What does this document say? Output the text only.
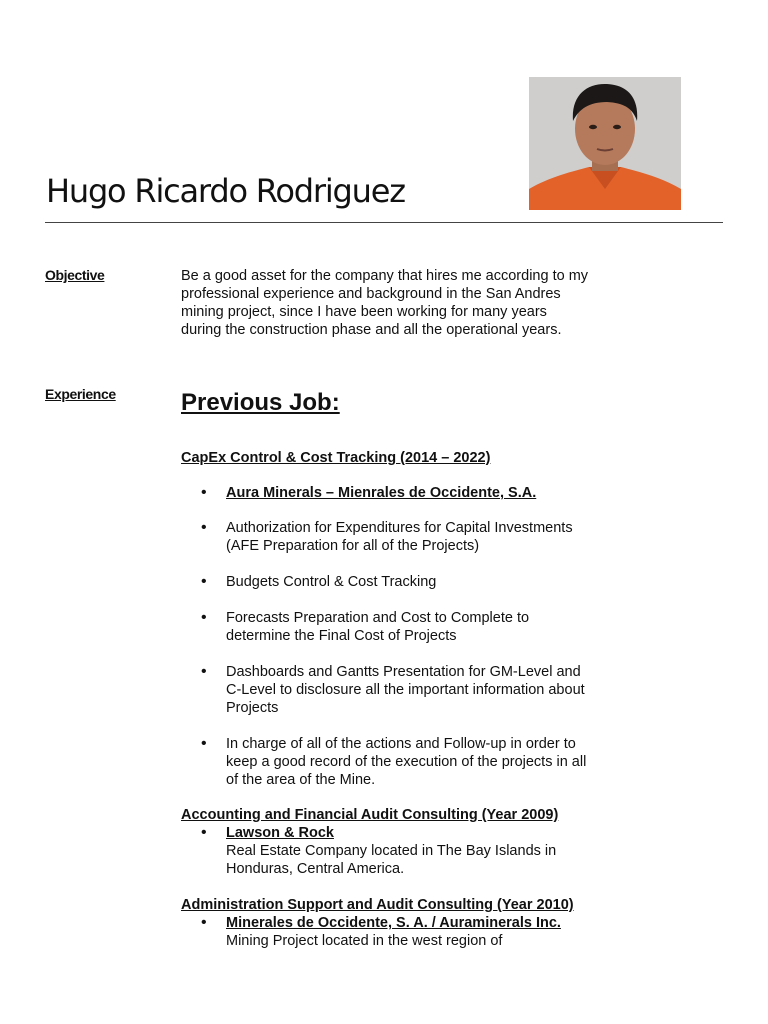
Hugo Ricardo Rodriguez
Objective	Be a good asset for the company that hires me according to my professional experience and background in the San Andres mining project, since I have been working for many years during the construction phase and all the operational years.
Experience	Previous Job:
CapEx Control & Cost Tracking (2014 – 2022)
• Aura Minerals – Mienrales de Occidente, S.A.
• Authorization for Expenditures for Capital Investments (AFE Preparation for all of the Projects)
• Budgets Control & Cost Tracking
• Forecasts Preparation and Cost to Complete to determine the Final Cost of Projects
• Dashboards and Gantts Presentation for GM-Level and C-Level to disclosure all the important information about Projects
• In charge of all of the actions and Follow-up in order to keep a good record of the execution of the projects in all of the area of the Mine.
Accounting and Financial Audit Consulting (Year 2009)
• Lawson & Rock
Real Estate Company located in The Bay Islands in Honduras, Central America.
Administration Support and Audit Consulting (Year 2010)
• Minerales de Occidente, S. A. / Auraminerals Inc.
Mining Project located in the west region of
